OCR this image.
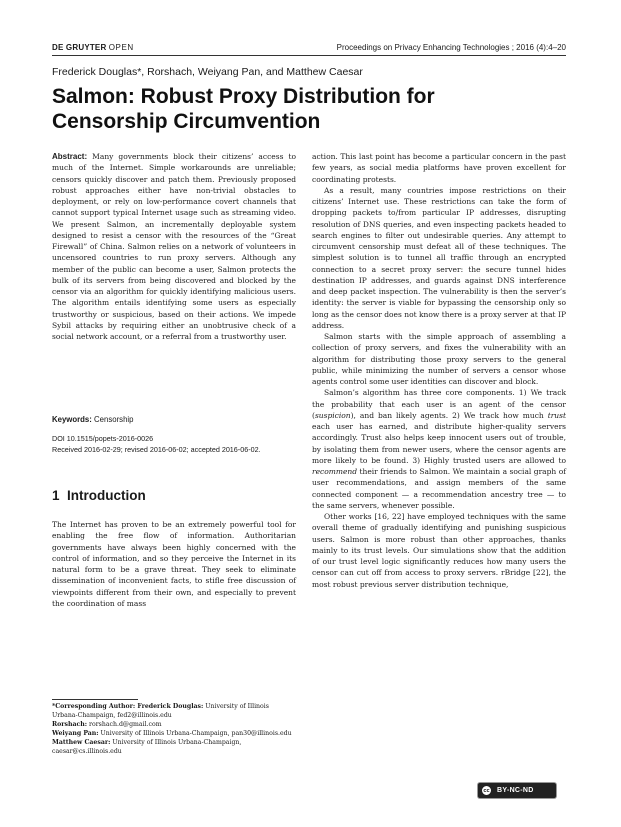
DE GRUYTER OPEN	Proceedings on Privacy Enhancing Technologies ; 2016 (4):4–20
Frederick Douglas*, Rorshach, Weiyang Pan, and Matthew Caesar
Salmon: Robust Proxy Distribution for
Censorship Circumvention

Abstract: Many governments block their citizens’ access to much of the Internet. Simple workarounds are unreliable; censors quickly discover and patch them. Previously proposed robust approaches either have non-trivial obstacles to deployment, or rely on low-performance covert channels that cannot support typical Internet usage such as streaming video. We present Salmon, an incrementally deployable system designed to resist a censor with the resources of the “Great Firewall” of China. Salmon relies on a network of volunteers in uncensored countries to run proxy servers. Although any member of the public can become a user, Salmon protects the bulk of its servers from being discovered and blocked by the censor via an algorithm for quickly identifying malicious users. The algorithm entails identifying some users as especially trustworthy or suspicious, based on their actions. We impede Sybil attacks by requiring either an unobtrusive check of a social network account, or a referral from a trustworthy user.

Keywords: Censorship
DOI 10.1515/popets-2016-0026
Received 2016-02-29; revised 2016-06-02; accepted 2016-06-02.
1 Introduction

The Internet has proven to be an extremely powerful tool for enabling the free flow of information. Authoritarian governments have always been highly concerned with the control of information, and so they perceive the Internet in its natural form to be a grave threat. They seek to eliminate dissemination of inconvenient facts, to stifle free discussion of viewpoints different from their own, and especially to prevent the coordination of mass

*Corresponding Author: Frederick Douglas: University of Illinois Urbana-Champaign, fed2@illinois.edu
Rorshach: rorshach.d@gmail.com
Weiyang Pan: University of Illinois Urbana-Champaign, pan30@illinois.edu
Matthew Caesar: University of Illinois Urbana-Champaign, caesar@cs.illinois.edu

action. This last point has become a particular concern in the past few years, as social media platforms have proven excellent for coordinating protests.

As a result, many countries impose restrictions on their citizens’ Internet use. These restrictions can take the form of dropping packets to/from particular IP addresses, disrupting resolution of DNS queries, and even inspecting packets headed to search engines to filter out undesirable queries. Any attempt to circumvent censorship must defeat all of these techniques. The simplest solution is to tunnel all traffic through an encrypted connection to a secret proxy server: the secure tunnel hides destination IP addresses, and guards against DNS interference and deep packet inspection. The vulnerability is then the server’s identity: the server is viable for bypassing the censorship only so long as the censor does not know there is a proxy server at that IP address.

Salmon starts with the simple approach of assembling a collection of proxy servers, and fixes the vulnerability with an algorithm for distributing those proxy servers to the general public, while minimizing the number of servers a censor whose agents control some user identities can discover and block.

Salmon’s algorithm has three core components. 1) We track the probability that each user is an agent of the censor (suspicion), and ban likely agents. 2) We track how much trust each user has earned, and distribute higher-quality servers accordingly. Trust also helps keep innocent users out of trouble, by isolating them from newer users, where the censor agents are more likely to be found. 3) Highly trusted users are allowed to recommend their friends to Salmon. We maintain a social graph of user recommendations, and assign members of the same connected component — a recommendation ancestry tree — to the same servers, whenever possible.

Other works [16, 22] have employed techniques with the same overall theme of gradually identifying and punishing suspicious users. Salmon is more robust than other approaches, thanks mainly to its trust levels. Our simulations show that the addition of our trust level logic significantly reduces how many users the censor can cut off from access to proxy servers. rBridge [22], the most robust previous server distribution technique,

cc	BY-NC-ND
